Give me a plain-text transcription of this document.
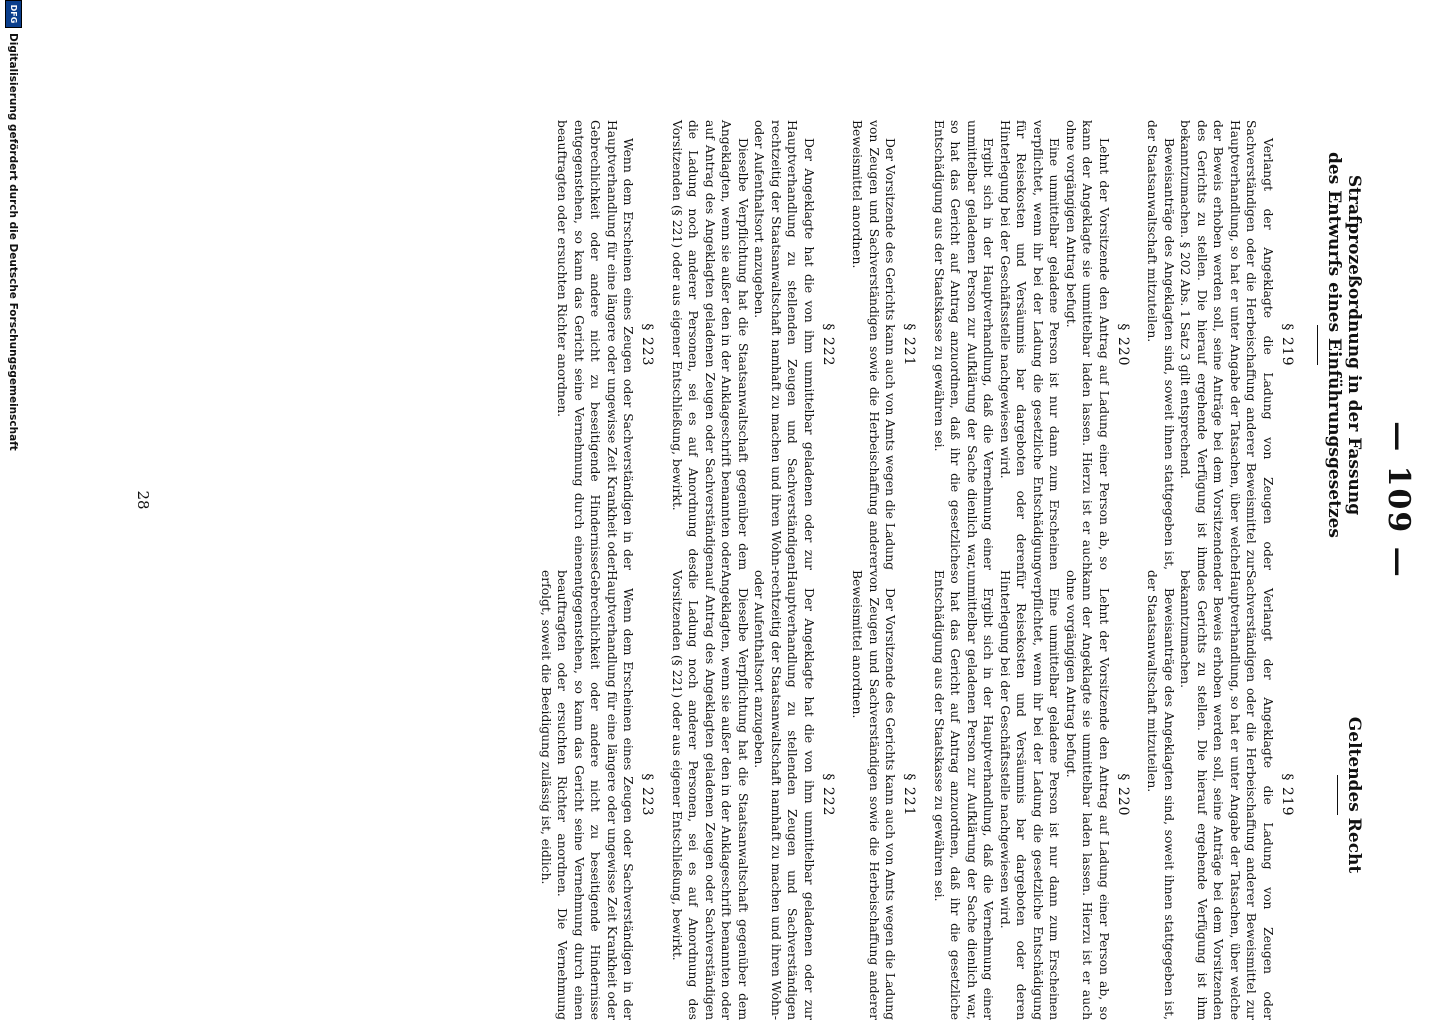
— 109 —
Strafprozeßordnung in der Fassung
des Entwurfs eines Einführungsgesetzes
§ 219

Verlangt der Angeklagte die Ladung von Zeugen oder Sachverständigen oder die Herbeischaffung anderer Beweismittel zur Hauptverhandlung, so hat er unter Angabe der Tatsachen, über welche der Beweis erhoben werden soll, seine Anträge bei dem Vorsitzenden des Gerichts zu stellen. Die hierauf ergehende Verfügung ist ihm bekanntzumachen. § 202 Abs. 1 Satz 3 gilt entsprechend.

Beweisanträge des Angeklagten sind, soweit ihnen stattgegeben ist, der Staatsanwaltschaft mitzuteilen.

§ 220

Lehnt der Vorsitzende den Antrag auf Ladung einer Person ab, so kann der Angeklagte sie unmittelbar laden lassen. Hierzu ist er auch ohne vorgängigen Antrag befugt.

Eine unmittelbar geladene Person ist nur dann zum Erscheinen verpflichtet, wenn ihr bei der Ladung die gesetzliche Entschädigung für Reisekosten und Versäumnis bar dargeboten oder deren Hinterlegung bei der Geschäftsstelle nachgewiesen wird.

Ergibt sich in der Hauptverhandlung, daß die Vernehmung einer unmittelbar geladenen Person zur Aufklärung der Sache dienlich war, so hat das Gericht auf Antrag anzuordnen, daß ihr die gesetzliche Entschädigung aus der Staatskasse zu gewähren sei.

§ 221

Der Vorsitzende des Gerichts kann auch von Amts wegen die Ladung von Zeugen und Sachverständigen sowie die Herbeischaffung anderer Beweismittel anordnen.

§ 222

Der Angeklagte hat die von ihm unmittelbar geladenen oder zur Hauptverhandlung zu stellenden Zeugen und Sachverständigen rechtzeitig der Staatsanwaltschaft namhaft zu machen und ihren Wohn- oder Aufenthaltsort anzugeben.

Dieselbe Verpflichtung hat die Staatsanwaltschaft gegenüber dem Angeklagten, wenn sie außer den in der Anklageschrift benannten oder auf Antrag des Angeklagten geladenen Zeugen oder Sachverständigen die Ladung noch anderer Personen, sei es auf Anordnung des Vorsitzenden (§ 221) oder aus eigener Entschließung, bewirkt.

§ 223

Wenn dem Erscheinen eines Zeugen oder Sachverständigen in der Hauptverhandlung für eine längere oder ungewisse Zeit Krankheit oder Gebrechlichkeit oder andere nicht zu beseitigende Hindernisse entgegenstehen, so kann das Gericht seine Vernehmung durch einen beauftragten oder ersuchten Richter anordnen.

Geltendes Recht
§ 219

Verlangt der Angeklagte die Ladung von Zeugen oder Sachverständigen oder die Herbeischaffung anderer Beweismittel zur Hauptverhandlung, so hat er unter Angabe der Tatsachen, über welche der Beweis erhoben werden soll, seine Anträge bei dem Vorsitzenden des Gerichts zu stellen. Die hierauf ergehende Verfügung ist ihm bekanntzumachen.

Beweisanträge des Angeklagten sind, soweit ihnen stattgegeben ist, der Staatsanwaltschaft mitzuteilen.

§ 220

Lehnt der Vorsitzende den Antrag auf Ladung einer Person ab, so kann der Angeklagte sie unmittelbar laden lassen. Hierzu ist er auch ohne vorgängigen Antrag befugt.

Eine unmittelbar geladene Person ist nur dann zum Erscheinen verpflichtet, wenn ihr bei der Ladung die gesetzliche Entschädigung für Reisekosten und Versäumnis bar dargeboten oder deren Hinterlegung bei der Geschäftsstelle nachgewiesen wird.

Ergibt sich in der Hauptverhandlung, daß die Vernehmung einer unmittelbar geladenen Person zur Aufklärung der Sache dienlich war, so hat das Gericht auf Antrag anzuordnen, daß ihr die gesetzliche Entschädigung aus der Staatskasse zu gewähren sei.

§ 221

Der Vorsitzende des Gerichts kann auch von Amts wegen die Ladung von Zeugen und Sachverständigen sowie die Herbeischaffung anderer Beweismittel anordnen.

§ 222

Der Angeklagte hat die von ihm unmittelbar geladenen oder zur Hauptverhandlung zu stellenden Zeugen und Sachverständigen rechtzeitig der Staatsanwaltschaft namhaft zu machen und ihren Wohn- oder Aufenthaltsort anzugeben.

Dieselbe Verpflichtung hat die Staatsanwaltschaft gegenüber dem Angeklagten, wenn sie außer den in der Anklageschrift benannten oder auf Antrag des Angeklagten geladenen Zeugen oder Sachverständigen die Ladung noch anderer Personen, sei es auf Anordnung des Vorsitzenden (§ 221) oder aus eigener Entschließung, bewirkt.

§ 223

Wenn dem Erscheinen eines Zeugen oder Sachverständigen in der Hauptverhandlung für eine längere oder ungewisse Zeit Krankheit oder Gebrechlichkeit oder andere nicht zu beseitigende Hindernisse entgegenstehen, so kann das Gericht seine Vernehmung durch einen beauftragten oder ersuchten Richter anordnen. Die Vernehmung erfolgt, soweit die Beeidigung zulässig ist, eidlich.

28
DFG
Digitalisierung gefördert durch die Deutsche Forschungsgemeinschaft
